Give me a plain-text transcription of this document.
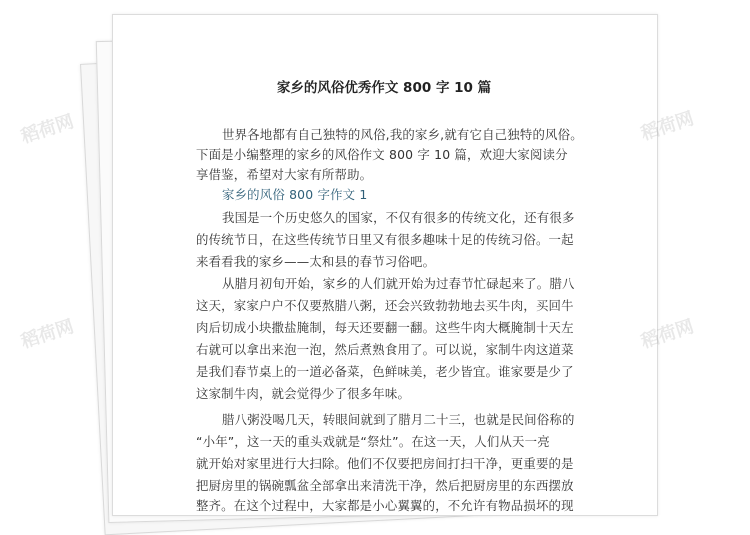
家乡的风俗优秀作文 800 字 10 篇
世界各地都有自己独特的风俗,我的家乡,就有它自己独特的风俗。
下面是小编整理的家乡的风俗作文 800 字 10 篇，欢迎大家阅读分
享借鉴，希望对大家有所帮助。
家乡的风俗 800 字作文 1
我国是一个历史悠久的国家，不仅有很多的传统文化，还有很多
的传统节日，在这些传统节日里又有很多趣味十足的传统习俗。一起
来看看我的家乡——太和县的春节习俗吧。
从腊月初旬开始，家乡的人们就开始为过春节忙碌起来了。腊八
这天，家家户户不仅要熬腊八粥，还会兴致勃勃地去买牛肉，买回牛
肉后切成小块撒盐腌制，每天还要翻一翻。这些牛肉大概腌制十天左
右就可以拿出来泡一泡，然后煮熟食用了。可以说，家制牛肉这道菜
是我们春节桌上的一道必备菜，色鲜味美，老少皆宜。谁家要是少了
这家制牛肉，就会觉得少了很多年味。
腊八粥没喝几天，转眼间就到了腊月二十三，也就是民间俗称的
“小年”，这一天的重头戏就是“祭灶”。在这一天，人们从天一亮
就开始对家里进行大扫除。他们不仅要把房间打扫干净，更重要的是
把厨房里的锅碗瓢盆全部拿出来清洗干净，然后把厨房里的东西摆放
整齐。在这个过程中，大家都是小心翼翼的，不允许有物品损坏的现
稻荷网	稻荷网
稻荷网	稻荷网
